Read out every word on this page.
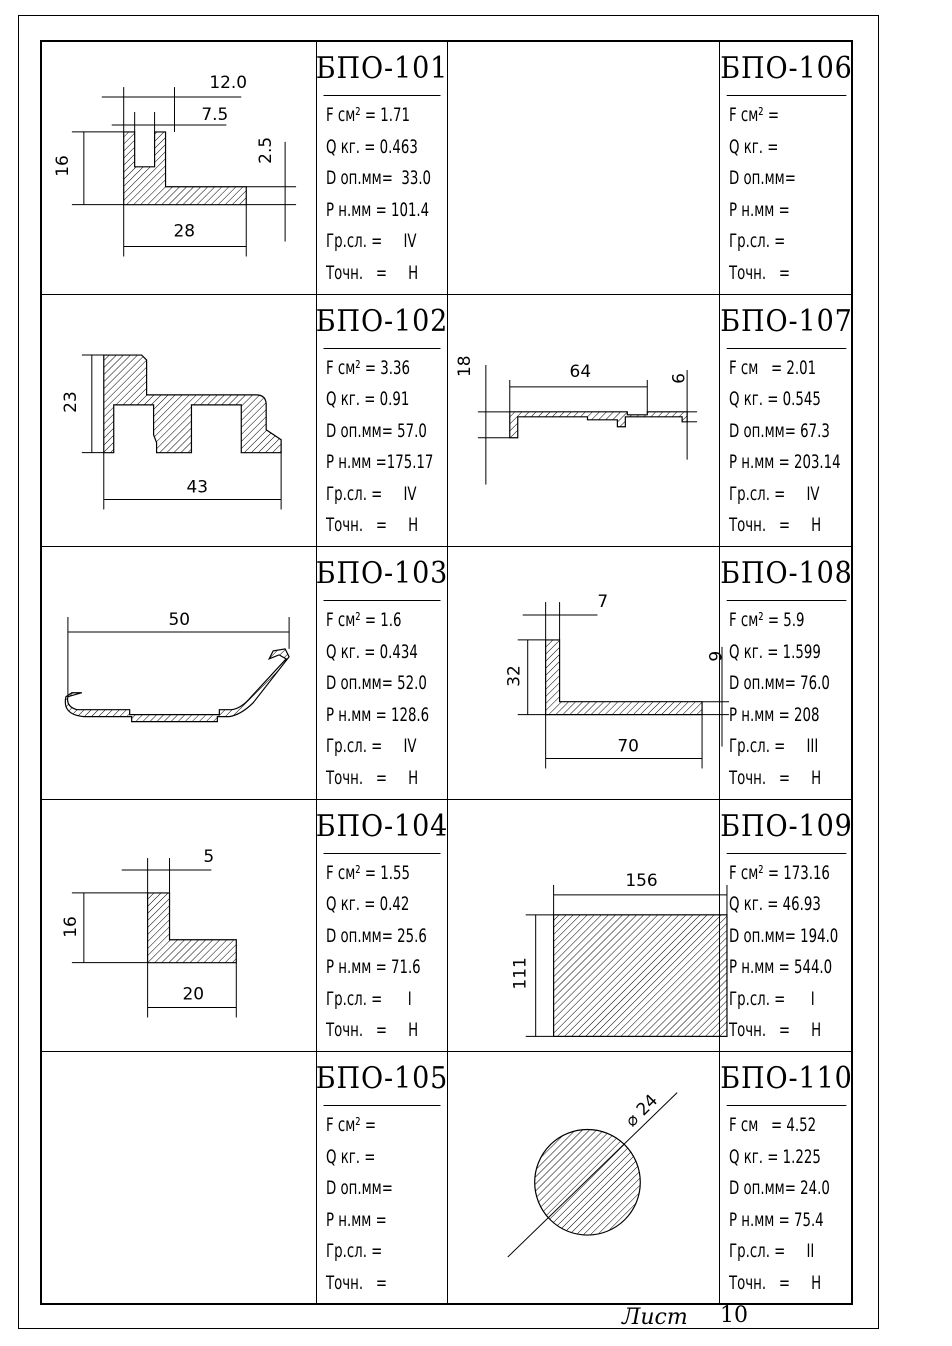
12.0
7.5
16
2.5
28
БПО-101
F см² = 1.71
Q кг. = 0.463
D оп.мм=  33.0
P н.мм = 101.4
Гр.сл. =     IV
Точн.   =     Н
БПО-106
F см² =
Q кг. =
D оп.мм=
P н.мм =
Гр.сл. =
Точн.   =
23
43
БПО-102
F см² = 3.36
Q кг. = 0.91
D оп.мм= 57.0
P н.мм =175.17
Гр.сл. =     IV
Точн.   =     Н
18	64	9
БПО-107
F см   = 2.01
Q кг. = 0.545
D оп.мм= 67.3
P н.мм = 203.14
Гр.сл. =     IV
Точн.   =     Н
50
БПО-103
F см² = 1.6
Q кг. = 0.434
D оп.мм= 52.0
P н.мм = 128.6
Гр.сл. =     IV
Точн.   =     Н
7
32
6
70
БПО-108
F см² = 5.9
Q кг. = 1.599
D оп.мм= 76.0
P н.мм = 208
Гр.сл. =     III
Точн.   =     Н
5
16
20
БПО-104
F см² = 1.55
Q кг. = 0.42
D оп.мм= 25.6
P н.мм = 71.6
Гр.сл. =      I
Точн.   =     Н
156
111
БПО-109
F см² = 173.16
Q кг. = 46.93
D оп.мм= 194.0
P н.мм = 544.0
Гр.сл. =      I
Точн.   =     Н
БПО-105
F см² =
Q кг. =
D оп.мм=
P н.мм =
Гр.сл. =
Точн.   =
⌀ 24
БПО-110
F см   = 4.52
Q кг. = 1.225
D оп.мм= 24.0
P н.мм = 75.4
Гр.сл. =     II
Точн.   =     Н
Лист 10
